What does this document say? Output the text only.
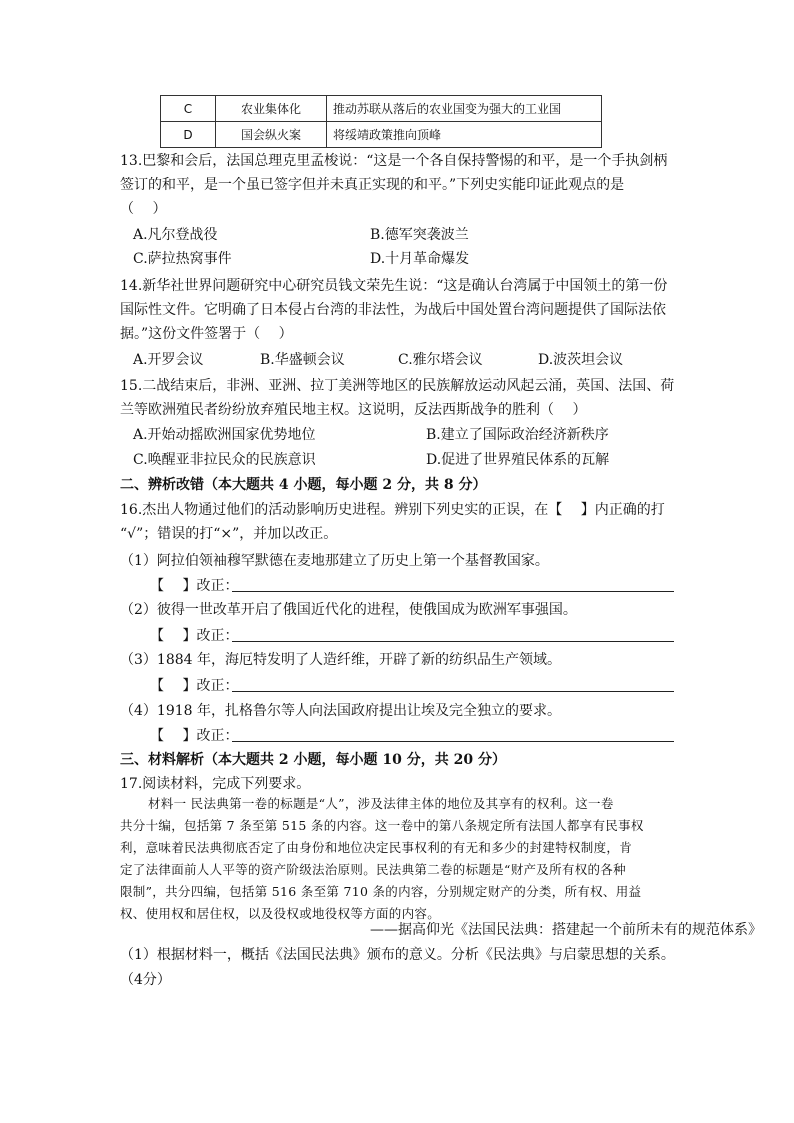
C	农业集体化	推动苏联从落后的农业国变为强大的工业国
D	国会纵火案	将绥靖政策推向顶峰
13.巴黎和会后，法国总理克里孟梭说：“这是一个各自保持警惕的和平，是一个手执剑柄
签订的和平，是一个虽已签字但并未真正实现的和平。”下列史实能印证此观点的是
（　 ）
A.凡尔登战役	B.德军突袭波兰
C.萨拉热窝事件	D.十月革命爆发
14.新华社世界问题研究中心研究员钱文荣先生说：“这是确认台湾属于中国领土的第一份
国际性文件。它明确了日本侵占台湾的非法性，为战后中国处置台湾问题提供了国际法依
据。”这份文件签署于（　 ）
A.开罗会议	B.华盛顿会议	C.雅尔塔会议	D.波茨坦会议
15.二战结束后，非洲、亚洲、拉丁美洲等地区的民族解放运动风起云涌，英国、法国、荷
兰等欧洲殖民者纷纷放弃殖民地主权。这说明，反法西斯战争的胜利（　 ）
A.开始动摇欧洲国家优势地位	B.建立了国际政治经济新秩序
C.唤醒亚非拉民众的民族意识	D.促进了世界殖民体系的瓦解
二、辨析改错（本大题共 4 小题，每小题 2 分，共 8 分）
16.杰出人物通过他们的活动影响历史进程。辨别下列史实的正误，在【　 】内正确的打
“√”；错误的打“×”，并加以改正。
（1）阿拉伯领袖穆罕默德在麦地那建立了历史上第一个基督教国家。
【　 】改正：
（2）彼得一世改革开启了俄国近代化的进程，使俄国成为欧洲军事强国。
【　 】改正：
（3）1884 年，海厄特发明了人造纤维，开辟了新的纺织品生产领域。
【　 】改正：
（4）1918 年，扎格鲁尔等人向法国政府提出让埃及完全独立的要求。
【　 】改正：
三、材料解析（本大题共 2 小题，每小题 10 分，共 20 分）
17.阅读材料，完成下列要求。
材料一 民法典第一卷的标题是“人”，涉及法律主体的地位及其享有的权利。这一卷
共分十编，包括第 7 条至第 515 条的内容。这一卷中的第八条规定所有法国人都享有民事权
利，意味着民法典彻底否定了由身份和地位决定民事权利的有无和多少的封建特权制度，肯
定了法律面前人人平等的资产阶级法治原则。民法典第二卷的标题是“财产及所有权的各种
限制”，共分四编，包括第 516 条至第 710 条的内容，分别规定财产的分类，所有权、用益
权、使用权和居住权，以及役权或地役权等方面的内容。
——据高仰光《法国民法典：搭建起一个前所未有的规范体系》
（1）根据材料一，概括《法国民法典》颁布的意义。分析《民法典》与启蒙思想的关系。
（4分）
